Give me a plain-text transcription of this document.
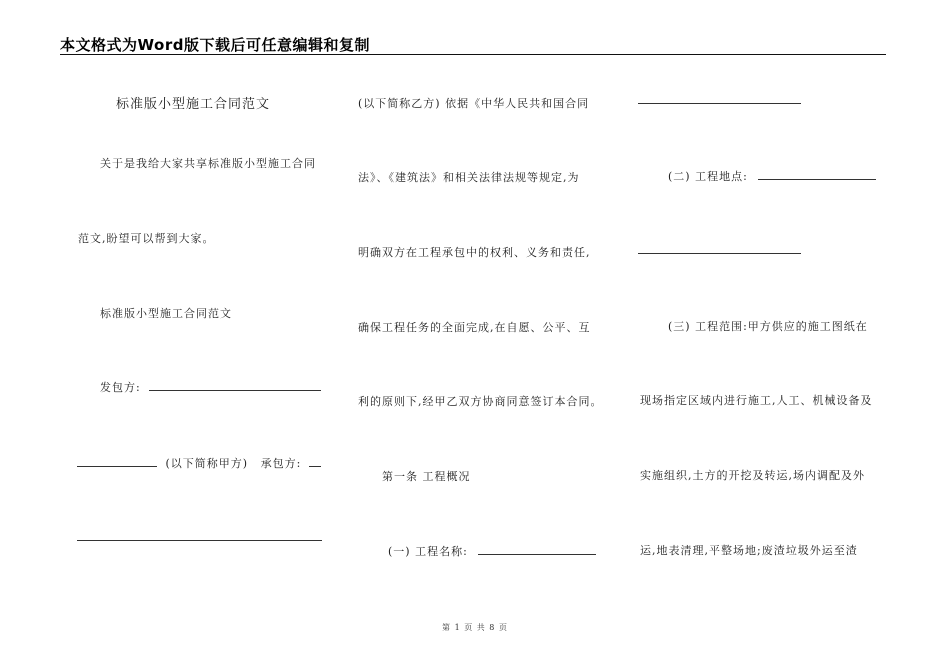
本文格式为Word版下载后可任意编辑和复制
标准版小型施工合同范文
关于是我给大家共享标准版小型施工合同
范文,盼望可以帮到大家。
标准版小型施工合同范文
发包方:
(以下简称甲方) 承包方:
(以下简称乙方) 依据《中华人民共和国合同
法》、《建筑法》和相关法律法规等规定,为
明确双方在工程承包中的权利、义务和责任,
确保工程任务的全面完成,在自愿、公平、互
利的原则下,经甲乙双方协商同意签订本合同。
第一条 工程概况
(一) 工程名称:
(二) 工程地点:
(三) 工程范围:甲方供应的施工图纸在
现场指定区域内进行施工,人工、机械设备及
实施组织,土方的开挖及转运,场内调配及外
运,地表清理,平整场地;废渣垃圾外运至渣
第 1 页 共 8 页
